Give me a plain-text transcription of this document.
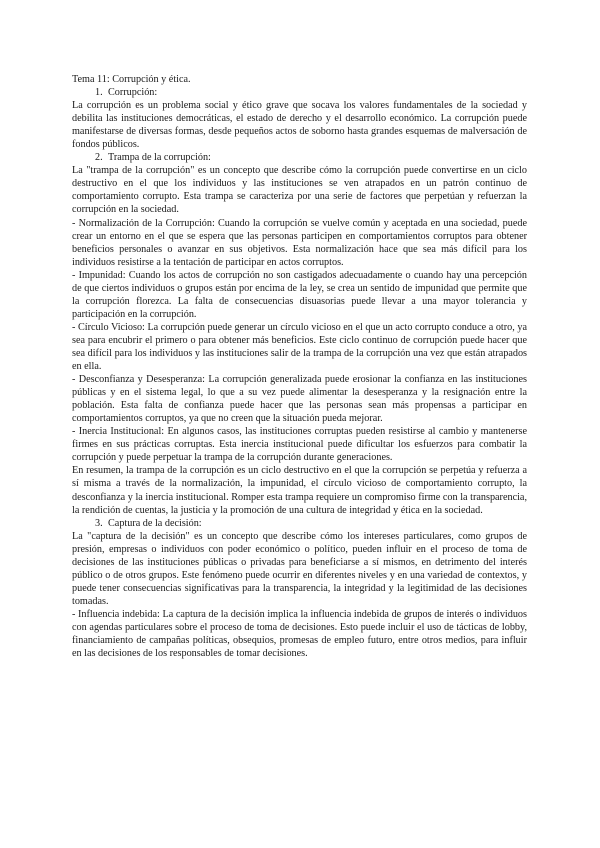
Tema 11: Corrupción y ética.

1. Corrupción:

La corrupción es un problema social y ético grave que socava los valores fundamentales de la sociedad y debilita las instituciones democráticas, el estado de derecho y el desarrollo económico. La corrupción puede manifestarse de diversas formas, desde pequeños actos de soborno hasta grandes esquemas de malversación de fondos públicos.

2. Trampa de la corrupción:

La "trampa de la corrupción" es un concepto que describe cómo la corrupción puede convertirse en un ciclo destructivo en el que los individuos y las instituciones se ven atrapados en un patrón continuo de comportamiento corrupto. Esta trampa se caracteriza por una serie de factores que perpetúan y refuerzan la corrupción en la sociedad.

- Normalización de la Corrupción: Cuando la corrupción se vuelve común y aceptada en una sociedad, puede crear un entorno en el que se espera que las personas participen en comportamientos corruptos para obtener beneficios personales o avanzar en sus objetivos. Esta normalización hace que sea más difícil para los individuos resistirse a la tentación de participar en actos corruptos.

- Impunidad: Cuando los actos de corrupción no son castigados adecuadamente o cuando hay una percepción de que ciertos individuos o grupos están por encima de la ley, se crea un sentido de impunidad que permite que la corrupción florezca. La falta de consecuencias disuasorias puede llevar a una mayor tolerancia y participación en la corrupción.

- Círculo Vicioso: La corrupción puede generar un círculo vicioso en el que un acto corrupto conduce a otro, ya sea para encubrir el primero o para obtener más beneficios. Este ciclo continuo de corrupción puede hacer que sea difícil para los individuos y las instituciones salir de la trampa de la corrupción una vez que están atrapados en ella.

- Desconfianza y Desesperanza: La corrupción generalizada puede erosionar la confianza en las instituciones públicas y en el sistema legal, lo que a su vez puede alimentar la desesperanza y la resignación entre la población. Esta falta de confianza puede hacer que las personas sean más propensas a participar en comportamientos corruptos, ya que no creen que la situación pueda mejorar.

- Inercia Institucional: En algunos casos, las instituciones corruptas pueden resistirse al cambio y mantenerse firmes en sus prácticas corruptas. Esta inercia institucional puede dificultar los esfuerzos para combatir la corrupción y puede perpetuar la trampa de la corrupción durante generaciones.

En resumen, la trampa de la corrupción es un ciclo destructivo en el que la corrupción se perpetúa y refuerza a sí misma a través de la normalización, la impunidad, el círculo vicioso de comportamiento corrupto, la desconfianza y la inercia institucional. Romper esta trampa requiere un compromiso firme con la transparencia, la rendición de cuentas, la justicia y la promoción de una cultura de integridad y ética en la sociedad.

3. Captura de la decisión:

La "captura de la decisión" es un concepto que describe cómo los intereses particulares, como grupos de presión, empresas o individuos con poder económico o político, pueden influir en el proceso de toma de decisiones de las instituciones públicas o privadas para beneficiarse a sí mismos, en detrimento del interés público o de otros grupos. Este fenómeno puede ocurrir en diferentes niveles y en una variedad de contextos, y puede tener consecuencias significativas para la transparencia, la integridad y la legitimidad de las decisiones tomadas.

- Influencia indebida: La captura de la decisión implica la influencia indebida de grupos de interés o individuos con agendas particulares sobre el proceso de toma de decisiones. Esto puede incluir el uso de tácticas de lobby, financiamiento de campañas políticas, obsequios, promesas de empleo futuro, entre otros medios, para influir en las decisiones de los responsables de tomar decisiones.
